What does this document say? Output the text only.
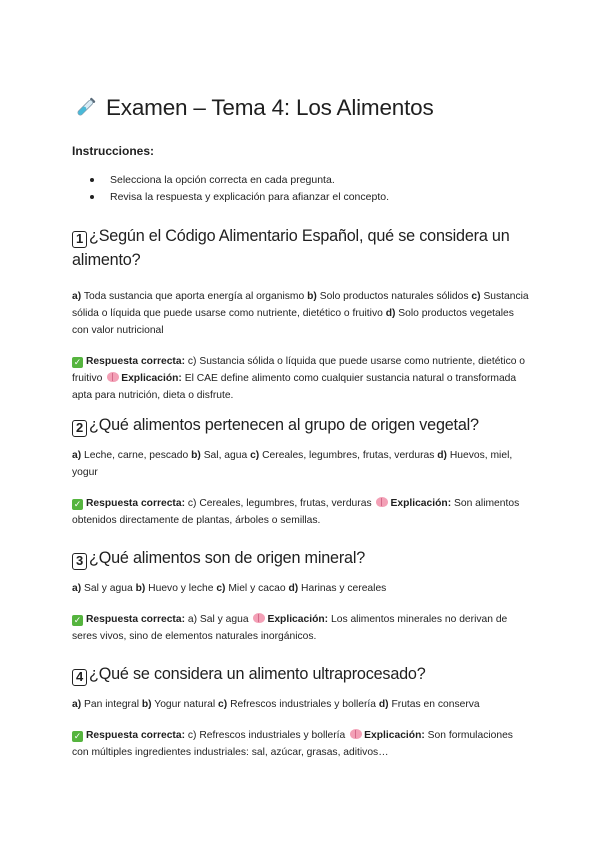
Examen – Tema 4: Los Alimentos
Instrucciones:
Selecciona la opción correcta en cada pregunta.
Revisa la respuesta y explicación para afianzar el concepto.

1 ¿Según el Código Alimentario Español, qué se considera un alimento?

a) Toda sustancia que aporta energía al organismo b) Solo productos naturales sólidos c) Sustancia sólida o líquida que puede usarse como nutriente, dietético o fruitivo d) Solo productos vegetales con valor nutricional

✓ Respuesta correcta: c) Sustancia sólida o líquida que puede usarse como nutriente, dietético o fruitivo Explicación: El CAE define alimento como cualquier sustancia natural o transformada apta para nutrición, dieta o disfrute.

2 ¿Qué alimentos pertenecen al grupo de origen vegetal?

a) Leche, carne, pescado b) Sal, agua c) Cereales, legumbres, frutas, verduras d) Huevos, miel, yogur

✓ Respuesta correcta: c) Cereales, legumbres, frutas, verduras Explicación: Son alimentos obtenidos directamente de plantas, árboles o semillas.

3 ¿Qué alimentos son de origen mineral?

a) Sal y agua b) Huevo y leche c) Miel y cacao d) Harinas y cereales

✓ Respuesta correcta: a) Sal y agua Explicación: Los alimentos minerales no derivan de seres vivos, sino de elementos naturales inorgánicos.

4 ¿Qué se considera un alimento ultraprocesado?

a) Pan integral b) Yogur natural c) Refrescos industriales y bollería d) Frutas en conserva

✓ Respuesta correcta: c) Refrescos industriales y bollería Explicación: Son formulaciones con múltiples ingredientes industriales: sal, azúcar, grasas, aditivos…
